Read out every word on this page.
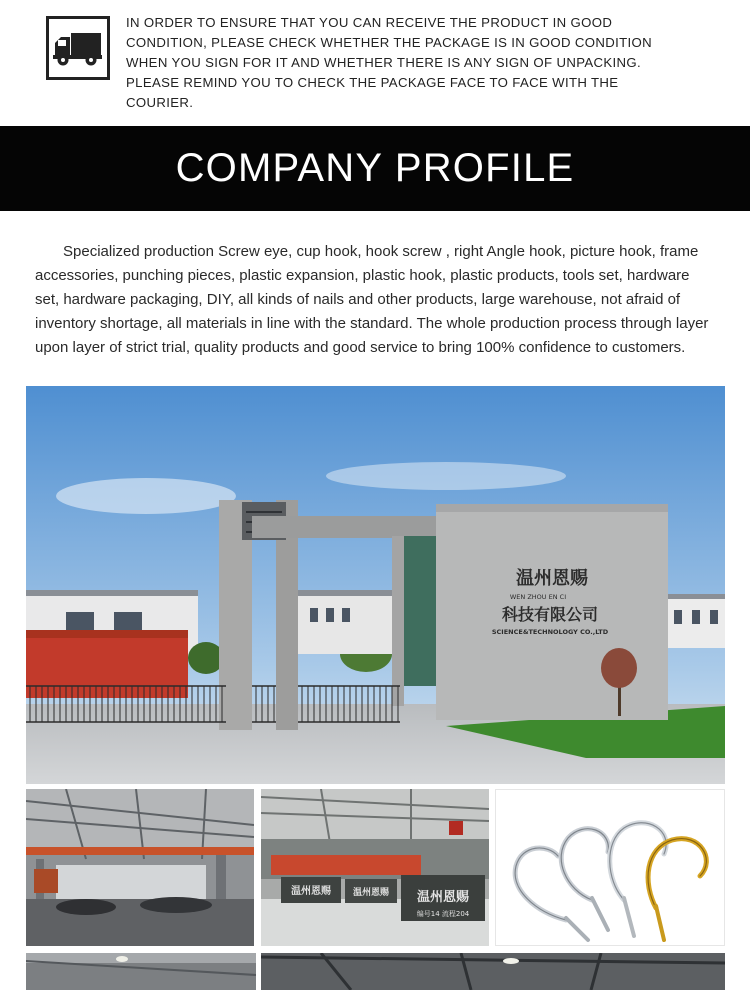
IN ORDER TO ENSURE THAT YOU CAN RECEIVE THE PRODUCT IN GOOD
CONDITION, PLEASE CHECK WHETHER THE PACKAGE IS IN GOOD CONDITION
WHEN YOU SIGN FOR IT AND WHETHER THERE IS ANY SIGN OF UNPACKING.
PLEASE REMIND YOU TO CHECK THE PACKAGE FACE TO FACE WITH THE
COURIER.
COMPANY PROFILE
Specialized production Screw eye, cup hook, hook screw , right Angle hook, picture hook, frame
accessories, punching pieces, plastic expansion, plastic hook, plastic products, tools set, hardware
set, hardware packaging, DIY, all kinds of nails and other products, large warehouse, not afraid of
inventory shortage, all materials in line with the standard. The whole production process through layer
upon layer of strict trial, quality products and good service to bring 100% confidence to customers.
温州恩赐
WEN ZHOU EN CI
科技有限公司
SCIENCE&TECHNOLOGY CO.,LTD
温州恩赐 温州恩赐 温州恩赐
编号14 流程204
